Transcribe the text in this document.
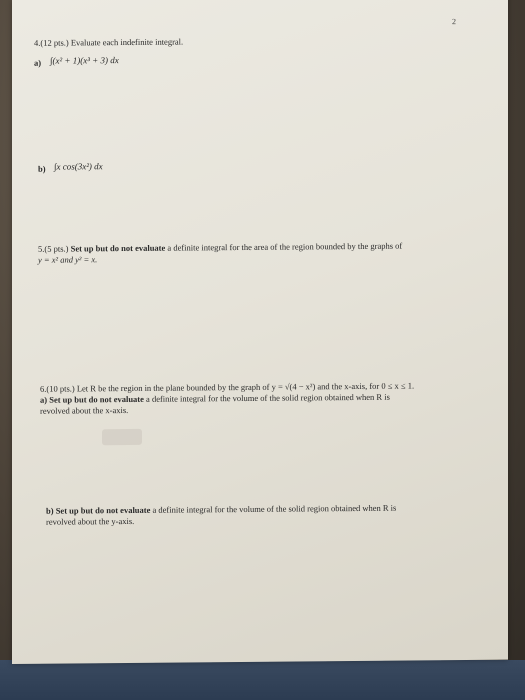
2

4.(12 pts.) Evaluate each indefinite integral.

a) ∫(x² + 1)(x³ + 3) dx

b) ∫x cos(3x²) dx

5.(5 pts.) Set up but do not evaluate a definite integral for the area of the region bounded by the graphs of

y = x² and y² = x.

6.(10 pts.) Let R be the region in the plane bounded by the graph of y = √(4 − x²) and the x-axis, for 0 ≤ x ≤ 1.

a) Set up but do not evaluate a definite integral for the volume of the solid region obtained when R is

revolved about the x-axis.

b) Set up but do not evaluate a definite integral for the volume of the solid region obtained when R is

revolved about the y-axis.
